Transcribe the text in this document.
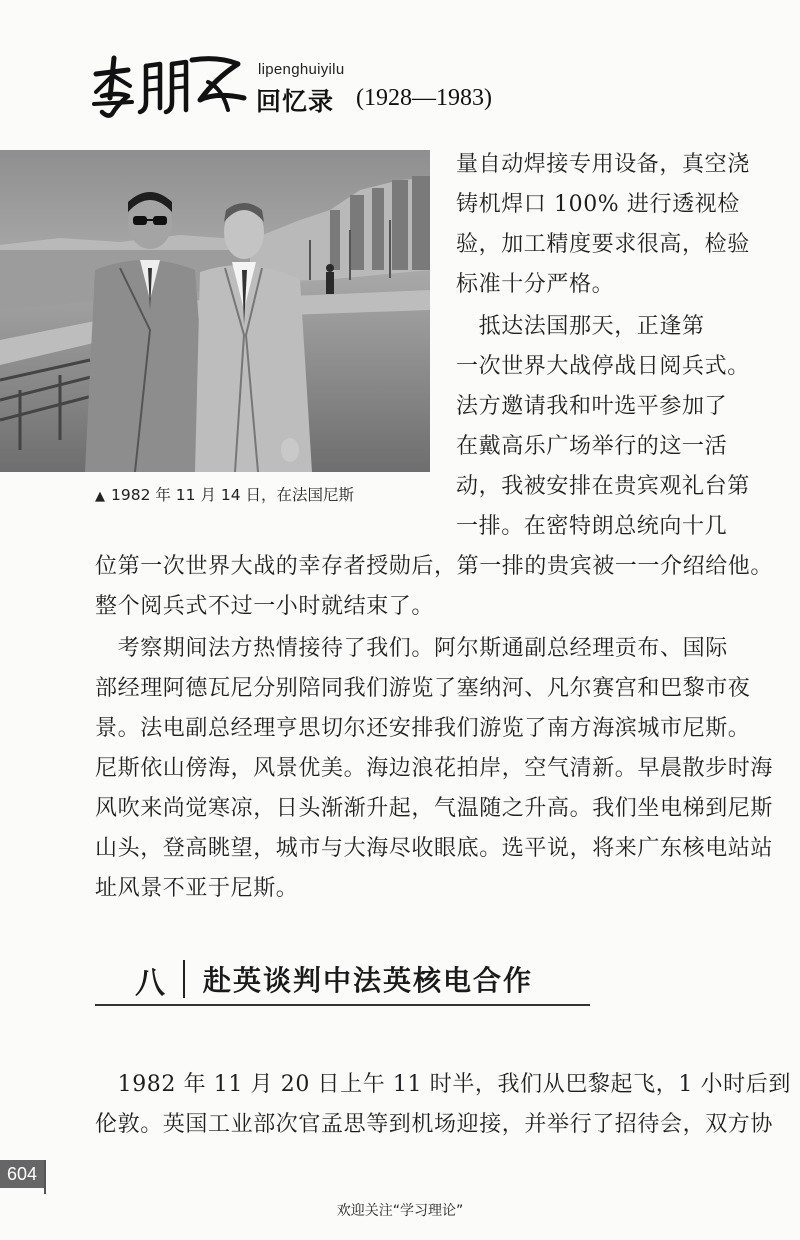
lipenghuiyilu
回忆录 (1928—1983)
▲ 1982 年 11 月 14 日，在法国尼斯
量自动焊接专用设备，真空浇
铸机焊口 100% 进行透视检
验，加工精度要求很高，检验
标准十分严格。
　抵达法国那天，正逢第
一次世界大战停战日阅兵式。
法方邀请我和叶选平参加了
在戴高乐广场举行的这一活
动，我被安排在贵宾观礼台第
一排。在密特朗总统向十几
位第一次世界大战的幸存者授勋后，第一排的贵宾被一一介绍给他。
整个阅兵式不过一小时就结束了。
　考察期间法方热情接待了我们。阿尔斯通副总经理贡布、国际
部经理阿德瓦尼分别陪同我们游览了塞纳河、凡尔赛宫和巴黎市夜
景。法电副总经理亨思切尔还安排我们游览了南方海滨城市尼斯。
尼斯依山傍海，风景优美。海边浪花拍岸，空气清新。早晨散步时海
风吹来尚觉寒凉，日头渐渐升起，气温随之升高。我们坐电梯到尼斯
山头，登高眺望，城市与大海尽收眼底。选平说，将来广东核电站站
址风景不亚于尼斯。
八 赴英谈判中法英核电合作
　1982 年 11 月 20 日上午 11 时半，我们从巴黎起飞，1 小时后到
伦敦。英国工业部次官孟思等到机场迎接，并举行了招待会，双方协
604
欢迎关注“学习理论”
